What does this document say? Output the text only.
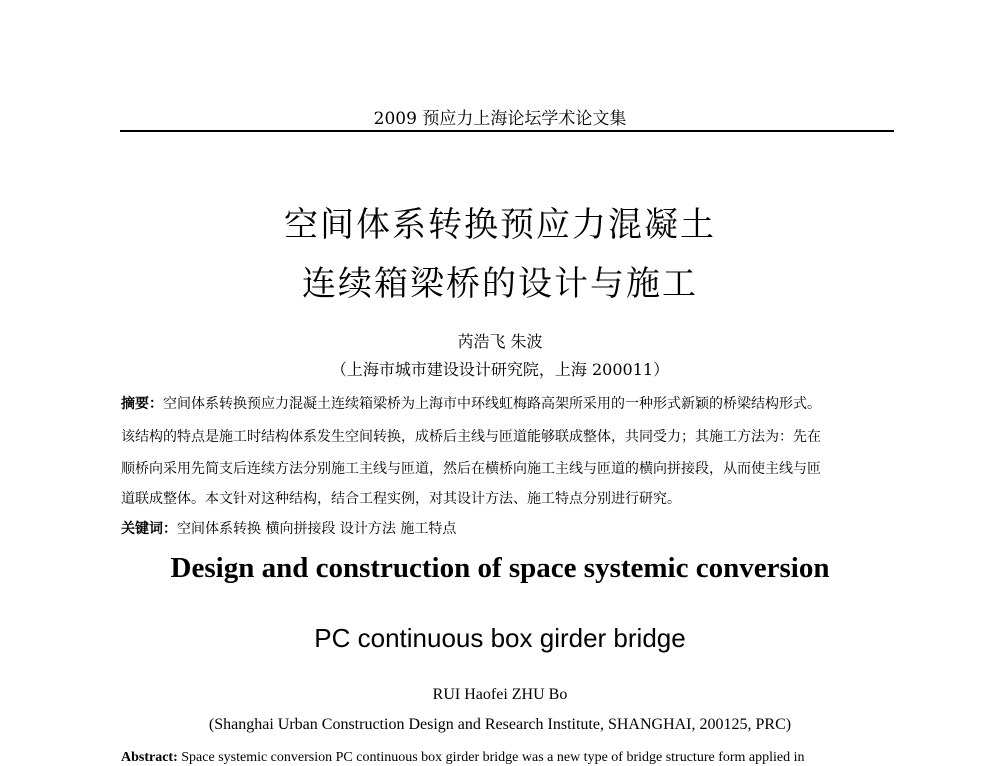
2009 预应力上海论坛学术论文集
空间体系转换预应力混凝土
连续箱梁桥的设计与施工
芮浩飞 朱波
（上海市城市建设设计研究院，上海 200011）
摘要：空间体系转换预应力混凝土连续箱梁桥为上海市中环线虹梅路高架所采用的一种形式新颖的桥梁结构形式。
该结构的特点是施工时结构体系发生空间转换，成桥后主线与匝道能够联成整体，共同受力；其施工方法为：先在
顺桥向采用先简支后连续方法分别施工主线与匝道，然后在横桥向施工主线与匝道的横向拼接段，从而使主线与匝
道联成整体。本文针对这种结构，结合工程实例，对其设计方法、施工特点分别进行研究。
关键词：空间体系转换 横向拼接段 设计方法 施工特点
Design and construction of space systemic conversion
PC continuous box girder bridge
RUI Haofei ZHU Bo
(Shanghai Urban Construction Design and Research Institute, SHANGHAI, 200125, PRC)
Abstract: Space systemic conversion PC continuous box girder bridge was a new type of bridge structure form applied in
